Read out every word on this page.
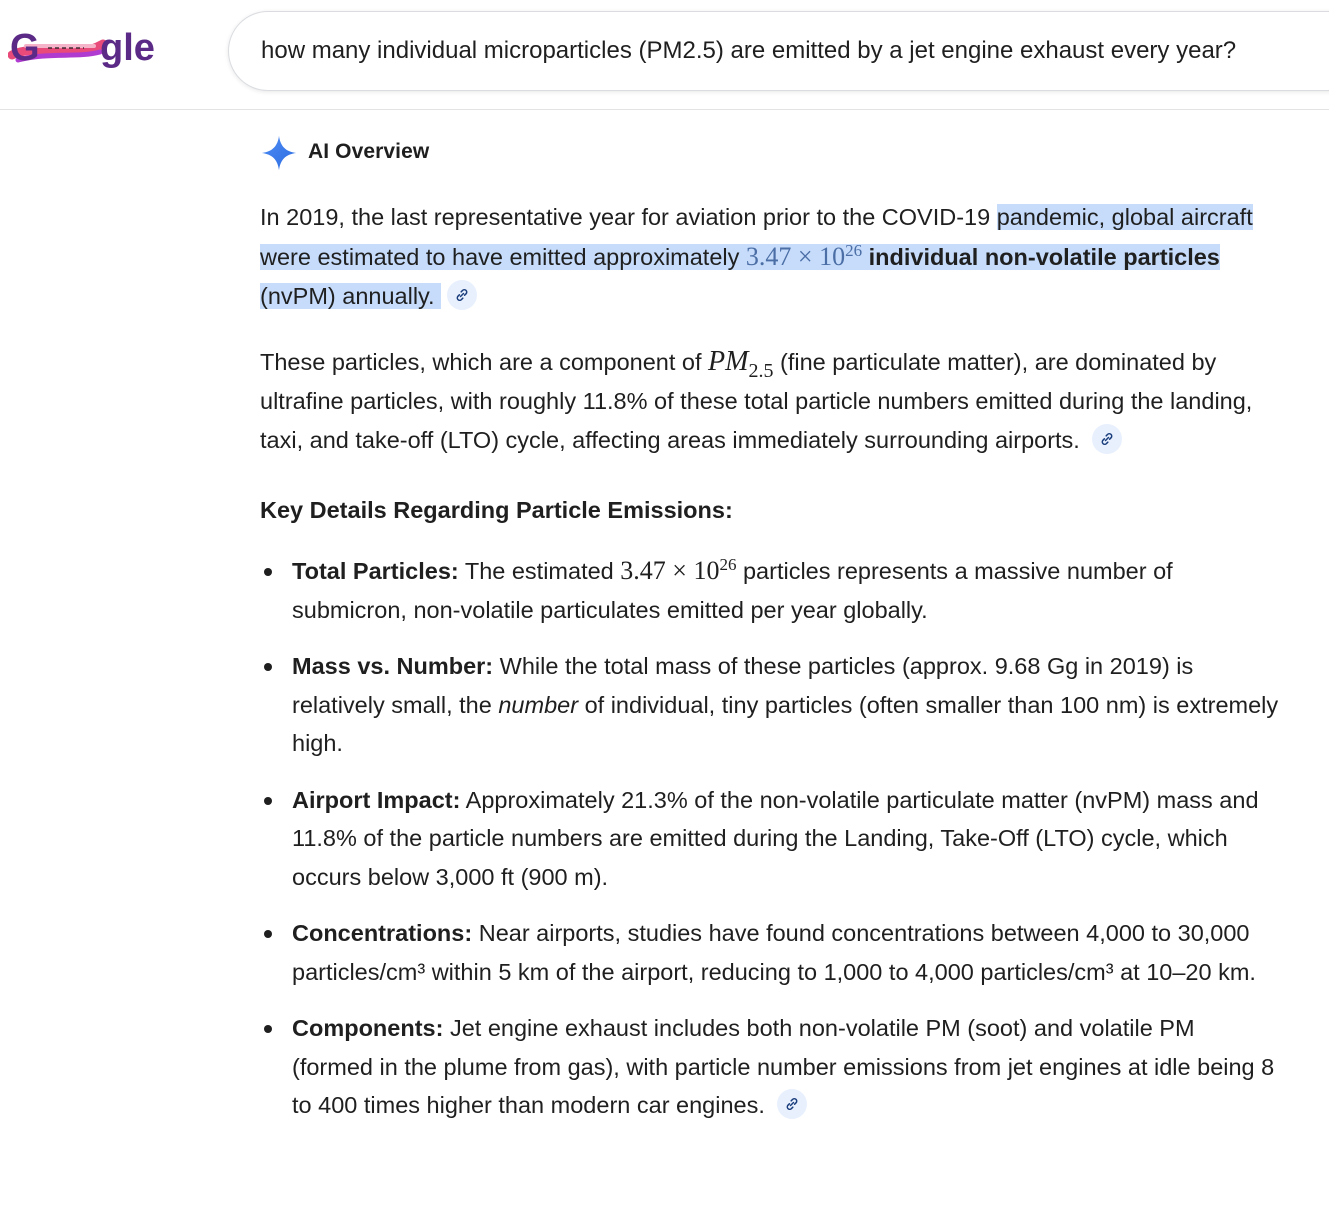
G gle
how many individual microparticles (PM2.5) are emitted by a jet engine exhaust every year?
AI Overview

In 2019, the last representative year for aviation prior to the COVID-19 pandemic, global aircraft were estimated to have emitted approximately $3.47 \times 10^{26}$ individual non-volatile particles (nvPM) annually.

These particles, which are a component of $PM_{2.5}$ (fine particulate matter), are dominated by ultrafine particles, with roughly 11.8% of these total particle numbers emitted during the landing, taxi, and take-off (LTO) cycle, affecting areas immediately surrounding airports.

Key Details Regarding Particle Emissions:
Total Particles: The estimated $3.47 \times 10^{26}$ particles represents a massive number of submicron, non-volatile particulates emitted per year globally.
Mass vs. Number: While the total mass of these particles (approx. 9.68 Gg in 2019) is relatively small, the number of individual, tiny particles (often smaller than 100 nm) is extremely high.
Airport Impact: Approximately 21.3% of the non-volatile particulate matter (nvPM) mass and 11.8% of the particle numbers are emitted during the Landing, Take-Off (LTO) cycle, which occurs below 3,000 ft (900 m).
Concentrations: Near airports, studies have found concentrations between 4,000 to 30,000 particles/cm³ within 5 km of the airport, reducing to 1,000 to 4,000 particles/cm³ at 10–20 km.
Components: Jet engine exhaust includes both non-volatile PM (soot) and volatile PM (formed in the plume from gas), with particle number emissions from jet engines at idle being 8 to 400 times higher than modern car engines.
